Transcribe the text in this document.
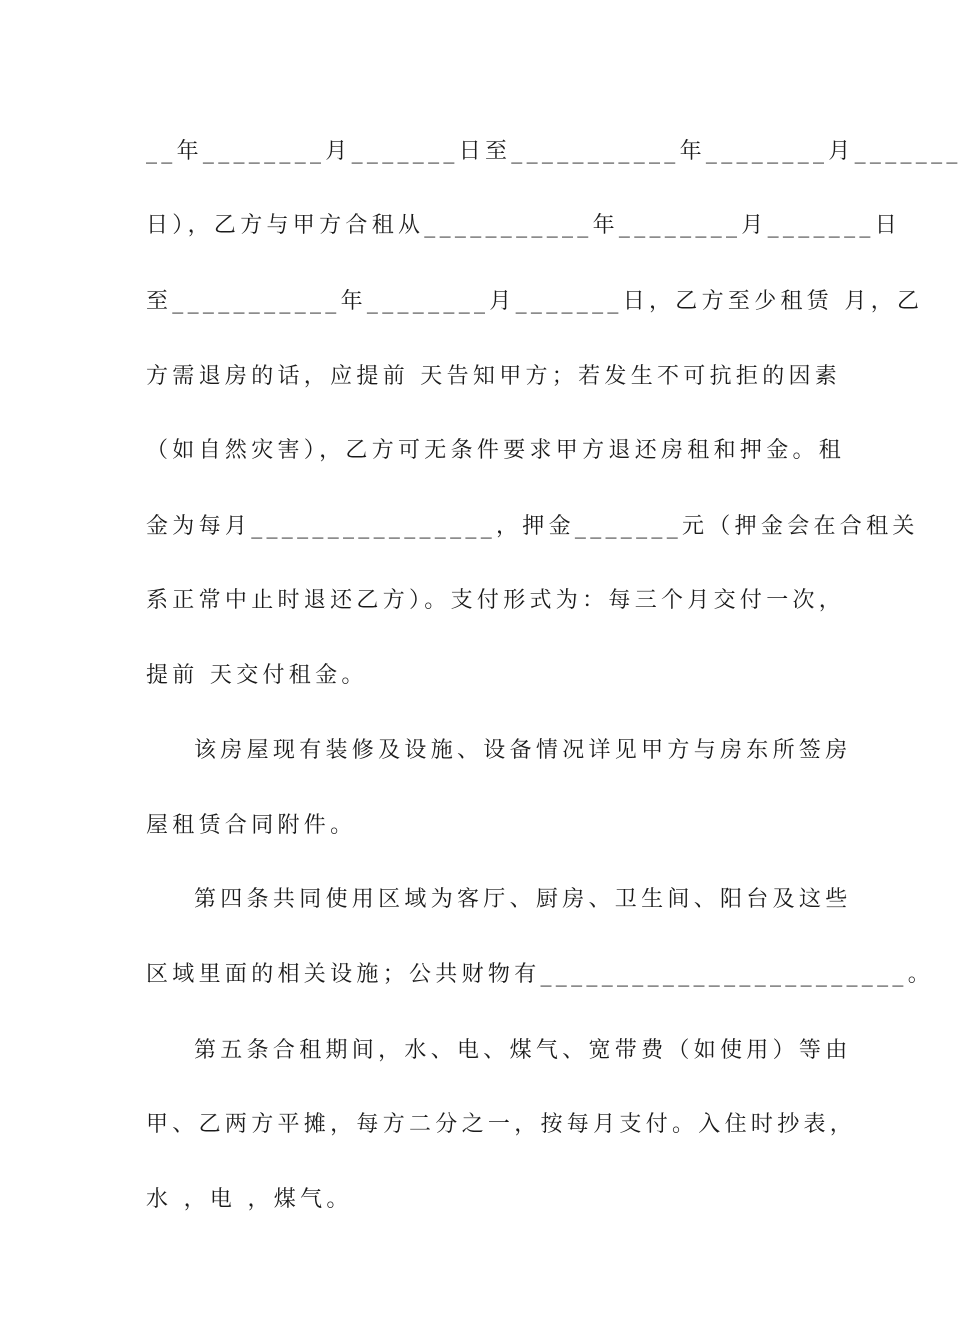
__年________月_______日至___________年________月_______
日），乙方与甲方合租从___________年________月_______日
至___________年________月_______日，乙方至少租赁 月，乙
方需退房的话，应提前 天告知甲方；若发生不可抗拒的因素
（如自然灾害），乙方可无条件要求甲方退还房租和押金。租
金为每月________________，押金_______元（押金会在合租关
系正常中止时退还乙方）。支付形式为：每三个月交付一次，
提前 天交付租金。
该房屋现有装修及设施、设备情况详见甲方与房东所签房
屋租赁合同附件。
第四条共同使用区域为客厅、厨房、卫生间、阳台及这些
区域里面的相关设施；公共财物有________________________。
第五条合租期间，水、电、煤气、宽带费（如使用）等由
甲、乙两方平摊，每方二分之一，按每月支付。入住时抄表，
水 ，电 ，煤气。
